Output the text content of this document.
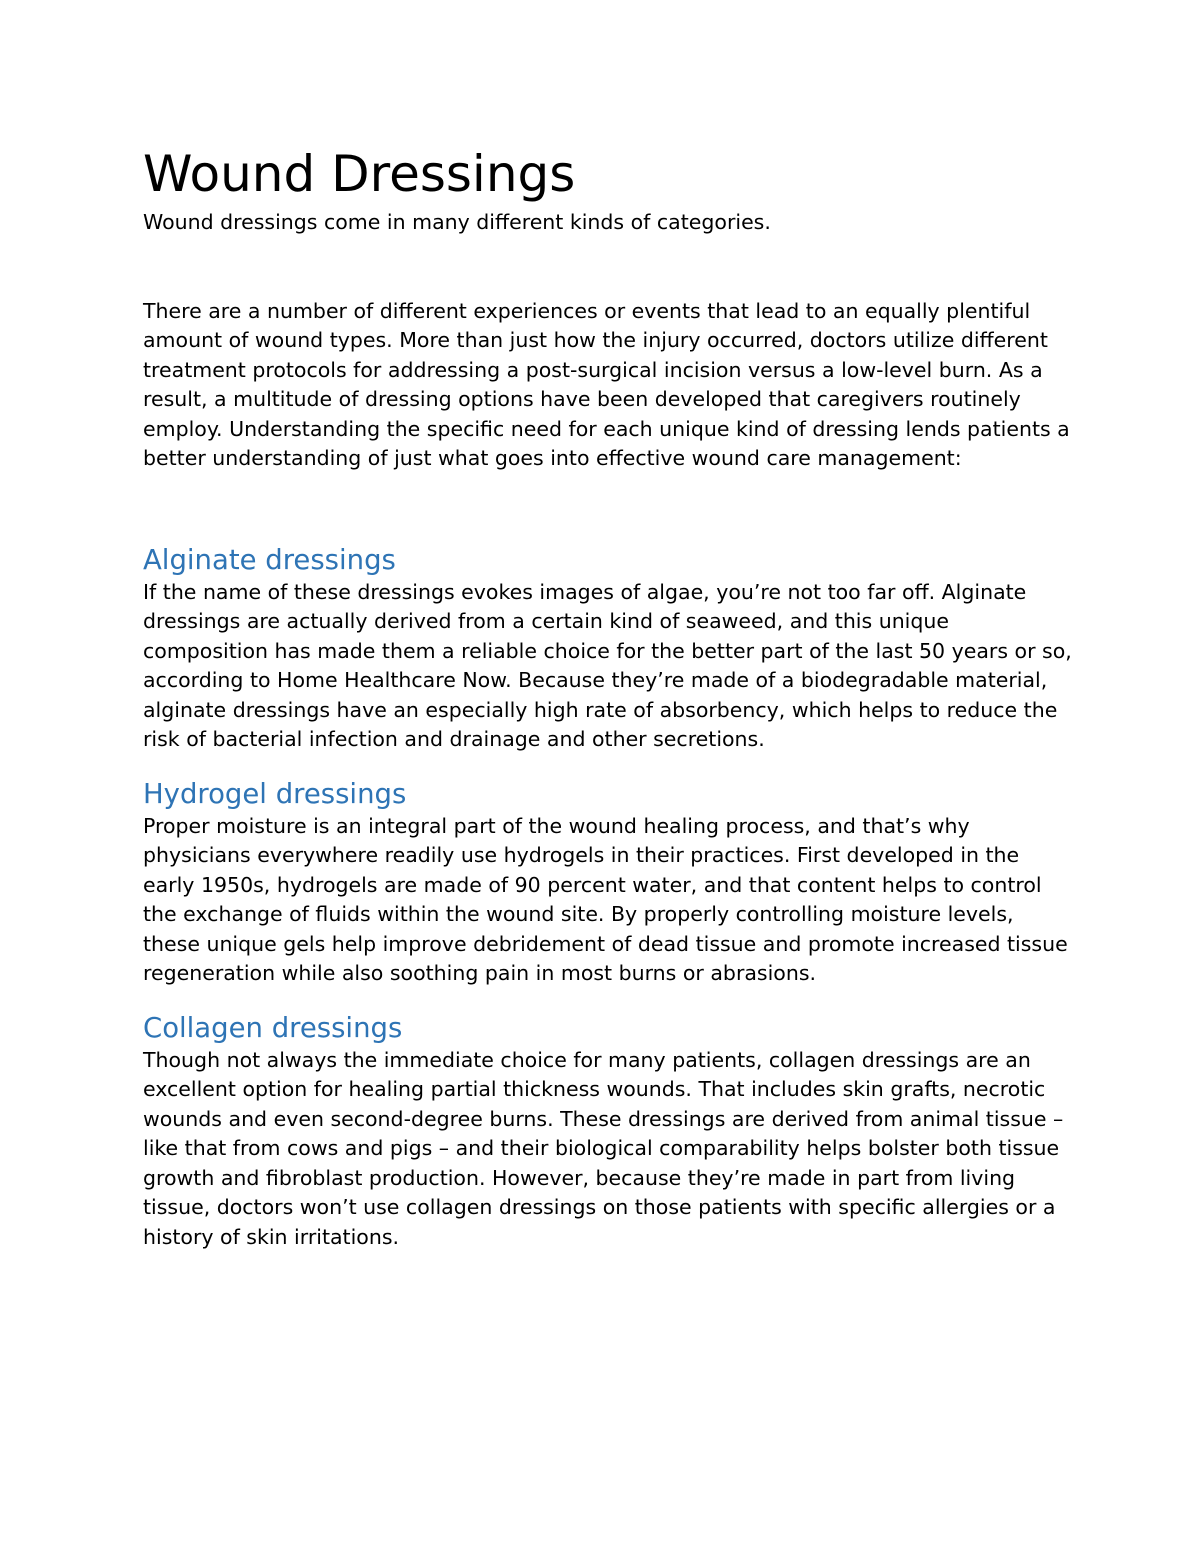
Wound Dressings

Wound dressings come in many different kinds of categories.

There are a number of different experiences or events that lead to an equally plentiful amount of wound types. More than just how the injury occurred, doctors utilize different treatment protocols for addressing a post-surgical incision versus a low-level burn. As a result, a multitude of dressing options have been developed that caregivers routinely employ. Understanding the specific need for each unique kind of dressing lends patients a better understanding of just what goes into effective wound care management:

Alginate dressings

If the name of these dressings evokes images of algae, you’re not too far off. Alginate dressings are actually derived from a certain kind of seaweed, and this unique composition has made them a reliable choice for the better part of the last 50 years or so, according to Home Healthcare Now. Because they’re made of a biodegradable material, alginate dressings have an especially high rate of absorbency, which helps to reduce the risk of bacterial infection and drainage and other secretions.

Hydrogel dressings

Proper moisture is an integral part of the wound healing process, and that’s why physicians everywhere readily use hydrogels in their practices. First developed in the early 1950s, hydrogels are made of 90 percent water, and that content helps to control the exchange of fluids within the wound site. By properly controlling moisture levels, these unique gels help improve debridement of dead tissue and promote increased tissue regeneration while also soothing pain in most burns or abrasions.

Collagen dressings

Though not always the immediate choice for many patients, collagen dressings are an excellent option for healing partial thickness wounds. That includes skin grafts, necrotic wounds and even second-degree burns. These dressings are derived from animal tissue – like that from cows and pigs – and their biological comparability helps bolster both tissue growth and fibroblast production. However, because they’re made in part from living tissue, doctors won’t use collagen dressings on those patients with specific allergies or a history of skin irritations.
